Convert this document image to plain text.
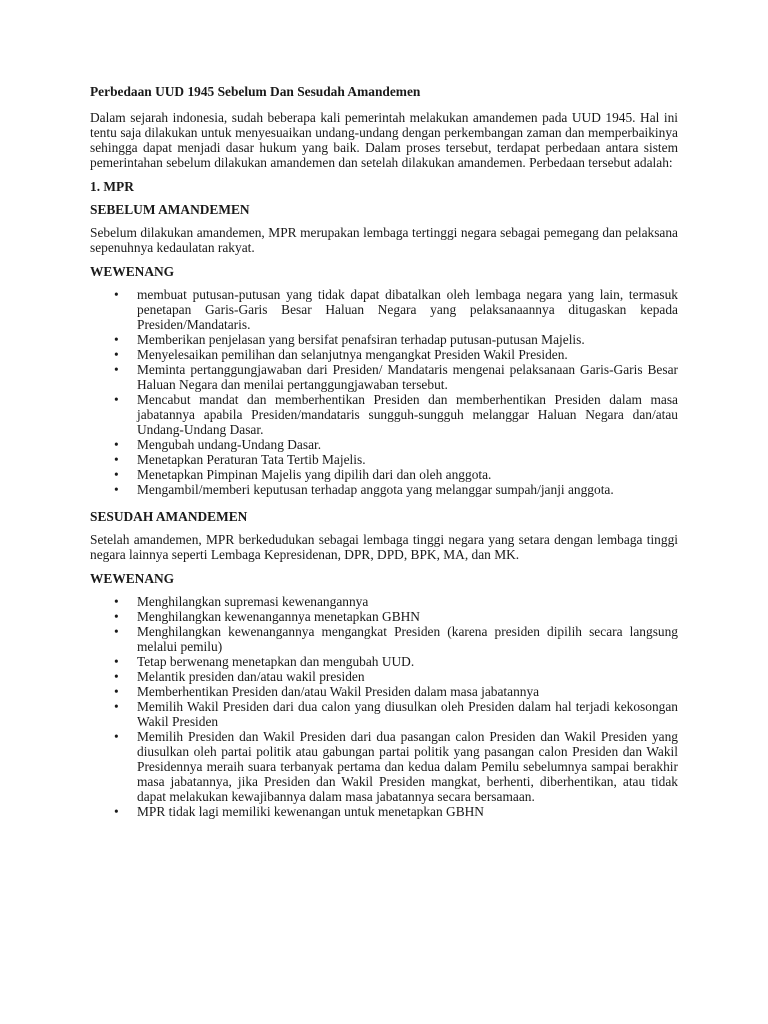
Perbedaan UUD 1945 Sebelum Dan Sesudah Amandemen

Dalam sejarah indonesia, sudah beberapa kali pemerintah melakukan amandemen pada UUD 1945. Hal ini tentu saja dilakukan untuk menyesuaikan undang-undang dengan perkembangan zaman dan memperbaikinya sehingga dapat menjadi dasar hukum yang baik. Dalam proses tersebut, terdapat perbedaan antara sistem pemerintahan sebelum dilakukan amandemen dan setelah dilakukan amandemen. Perbedaan tersebut adalah:

1. MPR
SEBELUM AMANDEMEN

Sebelum dilakukan amandemen, MPR merupakan lembaga tertinggi negara sebagai pemegang dan pelaksana sepenuhnya kedaulatan rakyat.

WEWENANG
• membuat putusan-putusan yang tidak dapat dibatalkan oleh lembaga negara yang lain, termasuk penetapan Garis-Garis Besar Haluan Negara yang pelaksanaannya ditugaskan kepada Presiden/Mandataris.
• Memberikan penjelasan yang bersifat penafsiran terhadap putusan-putusan Majelis.
• Menyelesaikan pemilihan dan selanjutnya mengangkat Presiden Wakil Presiden.
• Meminta pertanggungjawaban dari Presiden/ Mandataris mengenai pelaksanaan Garis-Garis Besar Haluan Negara dan menilai pertanggungjawaban tersebut.
• Mencabut mandat dan memberhentikan Presiden dan memberhentikan Presiden dalam masa jabatannya apabila Presiden/mandataris sungguh-sungguh melanggar Haluan Negara dan/atau Undang-Undang Dasar.
• Mengubah undang-Undang Dasar.
• Menetapkan Peraturan Tata Tertib Majelis.
• Menetapkan Pimpinan Majelis yang dipilih dari dan oleh anggota.
• Mengambil/memberi keputusan terhadap anggota yang melanggar sumpah/janji anggota.
SESUDAH AMANDEMEN

Setelah amandemen, MPR berkedudukan sebagai lembaga tinggi negara yang setara dengan lembaga tinggi negara lainnya seperti Lembaga Kepresidenan, DPR, DPD, BPK, MA, dan MK.

WEWENANG
• Menghilangkan supremasi kewenangannya
• Menghilangkan kewenangannya menetapkan GBHN
• Menghilangkan kewenangannya mengangkat Presiden (karena presiden dipilih secara langsung melalui pemilu)
• Tetap berwenang menetapkan dan mengubah UUD.
• Melantik presiden dan/atau wakil presiden
• Memberhentikan Presiden dan/atau Wakil Presiden dalam masa jabatannya
• Memilih Wakil Presiden dari dua calon yang diusulkan oleh Presiden dalam hal terjadi kekosongan Wakil Presiden
• Memilih Presiden dan Wakil Presiden dari dua pasangan calon Presiden dan Wakil Presiden yang diusulkan oleh partai politik atau gabungan partai politik yang pasangan calon Presiden dan Wakil Presidennya meraih suara terbanyak pertama dan kedua dalam Pemilu sebelumnya sampai berakhir masa jabatannya, jika Presiden dan Wakil Presiden mangkat, berhenti, diberhentikan, atau tidak dapat melakukan kewajibannya dalam masa jabatannya secara bersamaan.
• MPR tidak lagi memiliki kewenangan untuk menetapkan GBHN
